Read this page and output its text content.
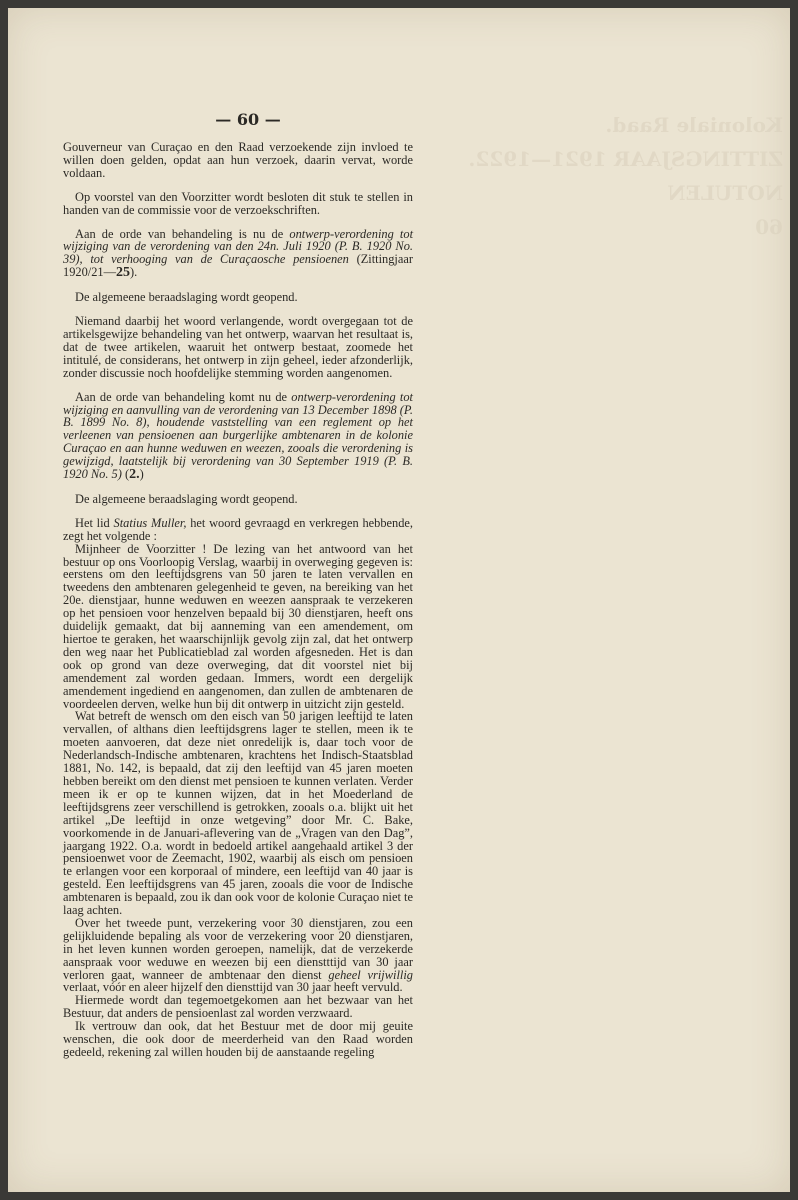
Koloniale Raad.
ZITTINGSJAAR 1921—1922.
NOTULEN
60
— 60 —

Gouverneur van Curaçao en den Raad verzoekende zijn invloed te willen doen gelden, opdat aan hun verzoek, daarin vervat, worde voldaan.

Op voorstel van den Voorzitter wordt besloten dit stuk te stellen in handen van de commissie voor de verzoekschriften.

Aan de orde van behandeling is nu de ontwerp-verordening tot wijziging van de verordening van den 24n. Juli 1920 (P. B. 1920 No. 39), tot verhooging van de Curaçaosche pensioenen (Zittingjaar 1920/21—25).

De algemeene beraadslaging wordt geopend.

Niemand daarbij het woord verlangende, wordt overgegaan tot de artikelsgewijze behandeling van het ontwerp, waarvan het resultaat is, dat de twee artikelen, waaruit het ontwerp bestaat, zoomede het intitulé, de considerans, het ontwerp in zijn geheel, ieder afzonderlijk, zonder discussie noch hoofdelijke stemming worden aangenomen.

Aan de orde van behandeling komt nu de ontwerp-verordening tot wijziging en aanvulling van de verordening van 13 December 1898 (P. B. 1899 No. 8), houdende vaststelling van een reglement op het verleenen van pensioenen aan burgerlijke ambtenaren in de kolonie Curaçao en aan hunne weduwen en weezen, zooals die verordening is gewijzigd, laatstelijk bij verordening van 30 September 1919 (P. B. 1920 No. 5) (2.)

De algemeene beraadslaging wordt geopend.

Het lid Statius Muller, het woord gevraagd en verkregen hebbende, zegt het volgende :

Mijnheer de Voorzitter ! De lezing van het antwoord van het bestuur op ons Voorloopig Verslag, waarbij in overweging gegeven is: eerstens om den leeftijdsgrens van 50 jaren te laten vervallen en tweedens den ambtenaren gelegenheid te geven, na bereiking van het 20e. dienstjaar, hunne weduwen en weezen aanspraak te verzekeren op het pensioen voor henzelven bepaald bij 30 dienstjaren, heeft ons duidelijk gemaakt, dat bij aanneming van een amendement, om hiertoe te geraken, het waarschijnlijk gevolg zijn zal, dat het ontwerp den weg naar het Publicatieblad zal worden afgesneden. Het is dan ook op grond van deze overweging, dat dit voorstel niet bij amendement zal worden gedaan. Immers, wordt een dergelijk amendement ingediend en aangenomen, dan zullen de ambtenaren de voordeelen derven, welke hun bij dit ontwerp in uitzicht zijn gesteld.

Wat betreft de wensch om den eisch van 50 jarigen leeftijd te laten vervallen, of althans dien leeftijdsgrens lager te stellen, meen ik te moeten aanvoeren, dat deze niet onredelijk is, daar toch voor de Nederlandsch-Indische ambtenaren, krachtens het Indisch-Staatsblad 1881, No. 142, is bepaald, dat zij den leeftijd van 45 jaren moeten hebben bereikt om den dienst met pensioen te kunnen verlaten. Verder meen ik er op te kunnen wijzen, dat in het Moederland de leeftijdsgrens zeer verschillend is getrokken, zooals o.a. blijkt uit het artikel „De leeftijd in onze wetgeving” door Mr. C. Bake, voorkomende in de Januari-aflevering van de „Vragen van den Dag”, jaargang 1922. O.a. wordt in bedoeld artikel aangehaald artikel 3 der pensioenwet voor de Zeemacht, 1902, waarbij als eisch om pensioen te erlangen voor een korporaal of mindere, een leeftijd van 40 jaar is gesteld. Een leeftijdsgrens van 45 jaren, zooals die voor de Indische ambtenaren is bepaald, zou ik dan ook voor de kolonie Curaçao niet te laag achten.

Over het tweede punt, verzekering voor 30 dienstjaren, zou een gelijkluidende bepaling als voor de verzekering voor 20 dienstjaren, in het leven kunnen worden geroepen, namelijk, dat de verzekerde aanspraak voor weduwe en weezen bij een dienstttijd van 30 jaar verloren gaat, wanneer de ambtenaar den dienst geheel vrijwillig verlaat, vóór en aleer hijzelf den diensttijd van 30 jaar heeft vervuld.

Hiermede wordt dan tegemoetgekomen aan het bezwaar van het Bestuur, dat anders de pensioenlast zal worden verzwaard.

Ik vertrouw dan ook, dat het Bestuur met de door mij geuite wenschen, die ook door de meerderheid van den Raad worden gedeeld, rekening zal willen houden bij de aanstaande regeling
